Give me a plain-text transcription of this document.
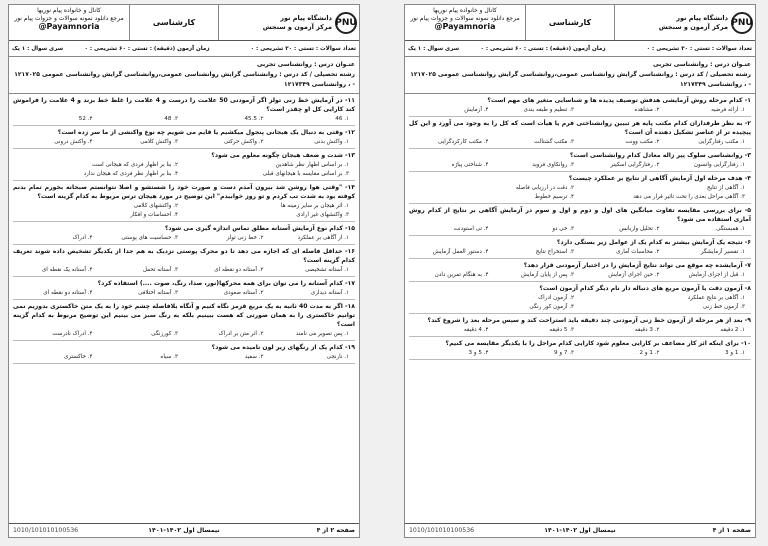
PNU
دانشگاه پیام نور
مرکز آزمون و سنجش
کارشناسی
کانال و خانواده پیام نوریها
مرجع دانلود نمونه سوالات و جزوات پیام نور
@Payamnoria
تعداد سوالات : تستی : ۳۰ تشریحی : ۰
زمان آزمون (دقیقه) : تستی : ۶۰ تشریحی : ۰
سری سوال : ۱ یک
عنـوان درس : روانشناسی تجربی
رشته تحصیلی / کد درس : روانشناسی گرایش روانشناسی عمومی،روانشناسی گرایش روانشناسی عمومی ۱۲۱۷۰۲۵ - ، روانشناسی ۱۲۱۷۳۴۹
۱۱- در آزمایش خط زنی تولز اگر آزمودنی 50 علامت را درست و 4 علامت را غلط خط بزند و 4 علامت را فراموش کند کارایی کل او چقدر است؟
۱. 46
۲. 45.5
۳. 48
۴. 52
۱۲- وقتی به دنبال یک هیجانی پنجول میکشیم یا قایم می شویم چه نوع واکنشی از ما سر زده است؟
۱. واکنش بدنی
۲. واکنش حرکتی
۳. واکنش کلامی
۴. واکنش درونی
۱۳- شدت و ضعف هیجان چگونه معلوم می شود؟
۱. بر اساس اظهار نظر شاهدین
۲. بنا بر اظهار فردی که هیجانی است
۳. بر اساس مقایسه با هیجانهای قبلی
۴. بنا بر اظهار نظر فردی که هیجان ندارد
۱۴- "وقتی هوا روشن شد بیرون آمدم دست و صورت خود را شستشو و اصلا نتوانستم صبحانه بخورم تمام بدنم کوفته بود به شدت تب کردم و تو روز خوابیدم" این توضیح در مورد هیجان ترس مربوط به کدام گزینه است؟
۱. اثر هیجان بر سایر زمینه ها
۲. واکنشهای کلامی
۳. واکنشهای غیر ارادی
۴. احساسات و افکار
۱۵- کدام نوع آزمایش آستانه مطلق تماس اندازه گیری می شود؟
۱. از آگاهی بر عملکرد
۲. خط زنی تولز
۳. حساسیت های پوستی
۴. ادراک
۱۶- حداقل فاصله ای که اجازه می دهد تا دو محرک پوستی نزدیک به هم جدا از یکدیگر تشخیص داده شوند تعریف کدام گزینه است؟
۱. آستانه تشخیصی
۲. آستانه دو نقطه ای
۳. آستانه تحمل
۴. آستانه یک نقطه ای
۱۷- کدام آستانه را می توان برای همه محرکها(نور، صدا، رنگ، صوت ....) استفاده کرد؟
۱. آستانه دیداری
۲. آستانه صعودی
۳. آستانه اختلافی
۴. آستانه دو نقطه ای
۱۸- اگر به مدت 40 ثانیه به یک مربع قرمز نگاه کنیم و آنگاه بلافاصله چشم خود را به یک متن خاکستری بدوزیم نمی توانیم خاکستری را به همان صورتی که هست ببینیم بلکه به رنگ سبز می بینیم این توضیح مربوط به کدام گزینه است؟
۱. پس تصویر می نامند
۲. اثر متن بر ادراک
۳. کورزنگی
۴. ادراک نادرست
۱۹- کدام یک از رنگهای زیر لون نامیده می شود؟
۱. نارنجی
۲. سفید
۳. سیاه
۴. خاکستری
صفحه ۲ از ۴
نیمسال اول ۱۴۰۲-۱۴۰۱
1010/101010100536
PNU
دانشگاه پیام نور
مرکز آزمون و سنجش
کارشناسی
کانال و خانواده پیام نوریها
مرجع دانلود نمونه سوالات و جزوات پیام نور
@Payamnoria
تعداد سوالات : تستی : ۳۰ تشریحی : ۰
زمان آزمون (دقیقه) : تستی : ۶۰ تشریحی : ۰
سری سوال : ۱ یک
عنـوان درس : روانشناسی تجربی
رشته تحصیلی / کد درس : روانشناسی گرایش روانشناسی عمومی،روانشناسی گرایش روانشناسی عمومی ۱۲۱۷۰۲۵ - ، روانشناسی ۱۲۱۷۳۴۹
۱- کدام مرحله روش آزمایشی هدفش توصیف پدیده ها و شناسایی متغیر های مهم است؟
۱. ارائه فرضیه
۲. مشاهده
۳. تنظیم و طبقه بندی
۴. آزمایش
۲- به نظر طرفداران کدام مکتب پایه هر تبیین روانشناختی فرم یا هیأت است که کل را به وجود می آورد و این کل پیچیده تر از عناصر تشکیل دهنده آن است؟
۱. مکتب رفتارگرایی
۲. مکتب وونت
۳. مکتب گشتالت
۴. مکتب کارکردگرایی
۳- روانشناسی سلوک پیر زاله معادل کدام روانشناسی است؟
۱. رفتارگرایی واتسون
۲. رفتارگرایی اسکینر
۳. روانکاوی فروید
۴. شناختی پیاژه
۴- هدف مرحله اول آزمایش آگاهی از نتایج بر عملکرد چیست؟
۱. آگاهی از نتایج
۲. دقت در ارزیابی فاصله
۳. آگاهی مراحل بعدی را تحت تاثیر قرار می دهد
۴. ترسیم خطوط
۵- برای بررسی مقایسه تفاوت میانگین های اول و دوم و اول و سوم در آزمایش آگاهی بر نتایج از کدام روش آماری استفاده می شود؟
۱. همبستگی
۲. تحلیل واریانس
۳. خی دو
۴. تی استودنت
۶- نتیجه یک آزمایش بیشتر به کدام یک از عوامل زیر بستگی دارد؟
۱. تفسیر آزمایشگر
۲. محاسبات آماری
۳. استخراج نتایج
۴. دستور العمل آزمایش
۷- آزمایشده چه موقع می تواند نتایج آزمایش را در اختیار آزمودنی قرار دهد؟
۱. قبل از اجرای آزمایش
۲. حین اجرای آزمایش
۳. پس از پایان آزمایش
۴. به هنگام تمرین دادن
۸- آزمون دقت یا آزمون مربع های دنباله دار نام دیگر کدام آزمون است؟
۱. آگاهی بر نتایج عملکرد
۲. آزمون ادراک
۳. آزمون خط زنی
۴. آزمون کور رنگی
۹- بعد از هر مرحله از آزمون خط زنی آزمودنی چند دقیقه باید استراحت کند و سپس مرحله بعد را شروع کند؟
۱. 2 دقیقه
۲. 3 دقیقه
۳. 5 دقیقه
۴. 4 دقیقه
۱۰- برای اینکه اثر کار مضاعف بر کارایی معلوم شود کارایی کدام مراحل را با یکدیگر مقایسه می کنیم؟
۱. 1 و 3
۲. 1 و 2
۳. 7 و 9
۴. 5 و 3
صفحه ۱ از ۴
نیمسال اول ۱۴۰۲-۱۴۰۱
1010/101010100536
